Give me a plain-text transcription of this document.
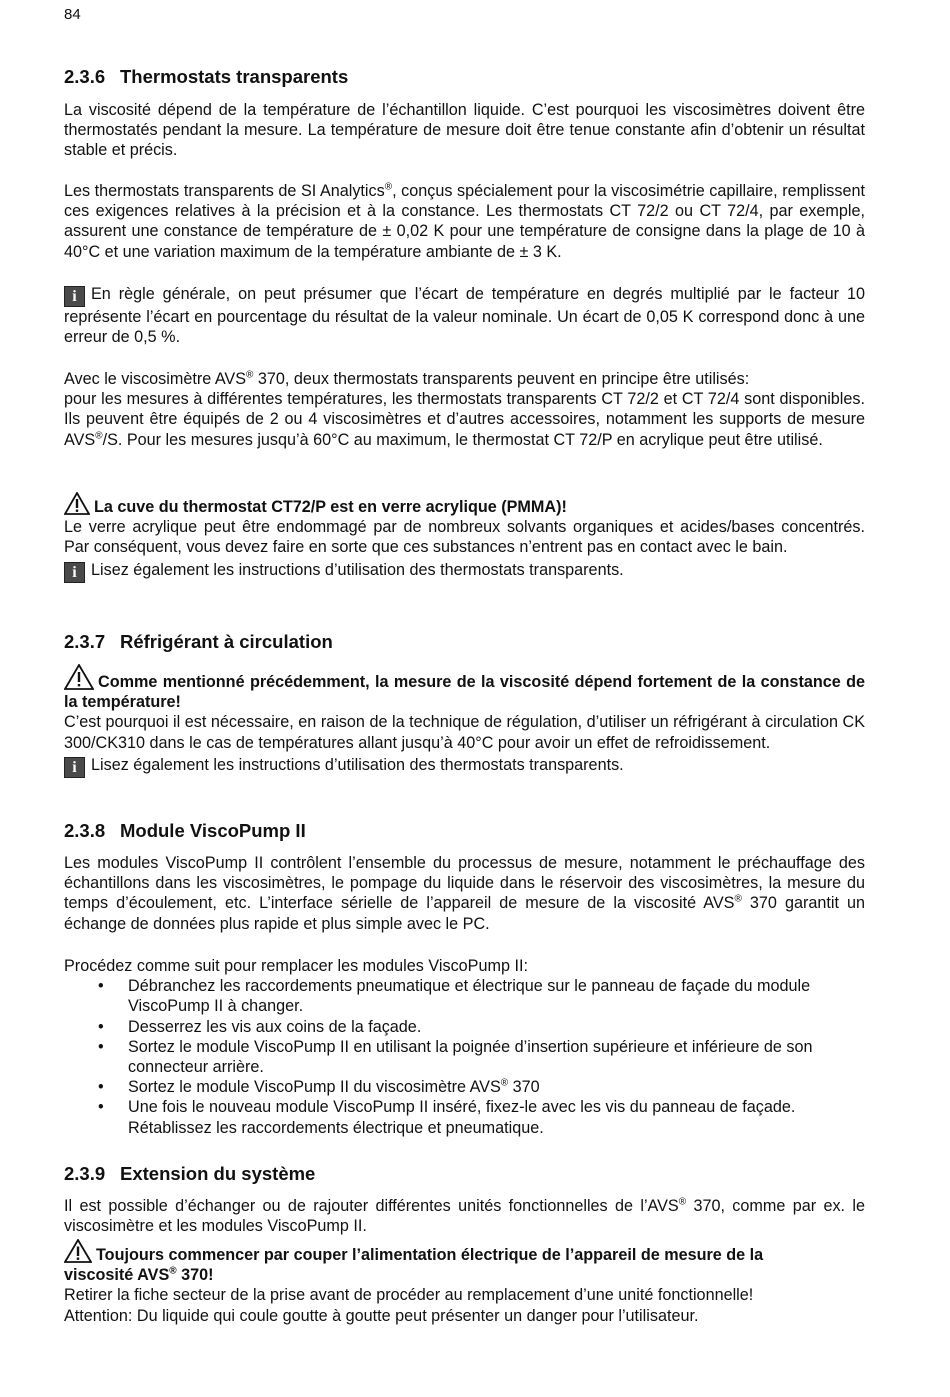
84
2.3.6 Thermostats transparents

La viscosité dépend de la température de l’échantillon liquide. C’est pourquoi les viscosimètres doivent être thermostatés pendant la mesure. La température de mesure doit être tenue constante afin d’obtenir un résultat stable et précis.

Les thermostats transparents de SI Analytics®, conçus spécialement pour la viscosimétrie capillaire, remplissent ces exigences relatives à la précision et à la constance. Les thermostats CT 72/2 ou CT 72/4, par exemple, assurent une constance de température de ± 0,02 K pour une température de consigne dans la plage de 10 à 40°C et une variation maximum de la température ambiante de ± 3 K.

i En règle générale, on peut présumer que l’écart de température en degrés multiplié par le facteur 10 représente l’écart en pourcentage du résultat de la valeur nominale. Un écart de 0,05 K correspond donc à une erreur de 0,5 %.

Avec le viscosimètre AVS® 370, deux thermostats transparents peuvent en principe être utilisés:

pour les mesures à différentes températures, les thermostats transparents CT 72/2 et CT 72/4 sont disponibles. Ils peuvent être équipés de 2 ou 4 viscosimètres et d’autres accessoires, notamment les supports de mesure AVS®/S. Pour les mesures jusqu’à 60°C au maximum, le thermostat CT 72/P en acrylique peut être utilisé.

La cuve du thermostat CT72/P est en verre acrylique (PMMA)!

Le verre acrylique peut être endommagé par de nombreux solvants organiques et acides/bases concentrés. Par conséquent, vous devez faire en sorte que ces substances n’entrent pas en contact avec le bain.

i Lisez également les instructions d’utilisation des thermostats transparents.

2.3.7 Réfrigérant à circulation

Comme mentionné précédemment, la mesure de la viscosité dépend fortement de la constance de la température!

C’est pourquoi il est nécessaire, en raison de la technique de régulation, d’utiliser un réfrigérant à circulation CK 300/CK310 dans le cas de températures allant jusqu’à 40°C pour avoir un effet de refroidissement.

i Lisez également les instructions d’utilisation des thermostats transparents.

2.3.8 Module ViscoPump II

Les modules ViscoPump II contrôlent l’ensemble du processus de mesure, notamment le préchauffage des échantillons dans les viscosimètres, le pompage du liquide dans le réservoir des viscosimètres, la mesure du temps d’écoulement, etc. L’interface sérielle de l’appareil de mesure de la viscosité AVS® 370 garantit un échange de données plus rapide et plus simple avec le PC.

Procédez comme suit pour remplacer les modules ViscoPump II:

• Débranchez les raccordements pneumatique et électrique sur le panneau de façade du module ViscoPump II à changer.
• Desserrez les vis aux coins de la façade.
• Sortez le module ViscoPump II en utilisant la poignée d’insertion supérieure et inférieure de son connecteur arrière.
• Sortez le module ViscoPump II du viscosimètre AVS® 370
• Une fois le nouveau module ViscoPump II inséré, fixez-le avec les vis du panneau de façade. Rétablissez les raccordements électrique et pneumatique.
2.3.9 Extension du système

Il est possible d’échanger ou de rajouter différentes unités fonctionnelles de l’AVS® 370, comme par ex. le viscosimètre et les modules ViscoPump II.

Toujours commencer par couper l’alimentation électrique de l’appareil de mesure de la viscosité AVS® 370!

Retirer la fiche secteur de la prise avant de procéder au remplacement d’une unité fonctionnelle!

Attention: Du liquide qui coule goutte à goutte peut présenter un danger pour l’utilisateur.
